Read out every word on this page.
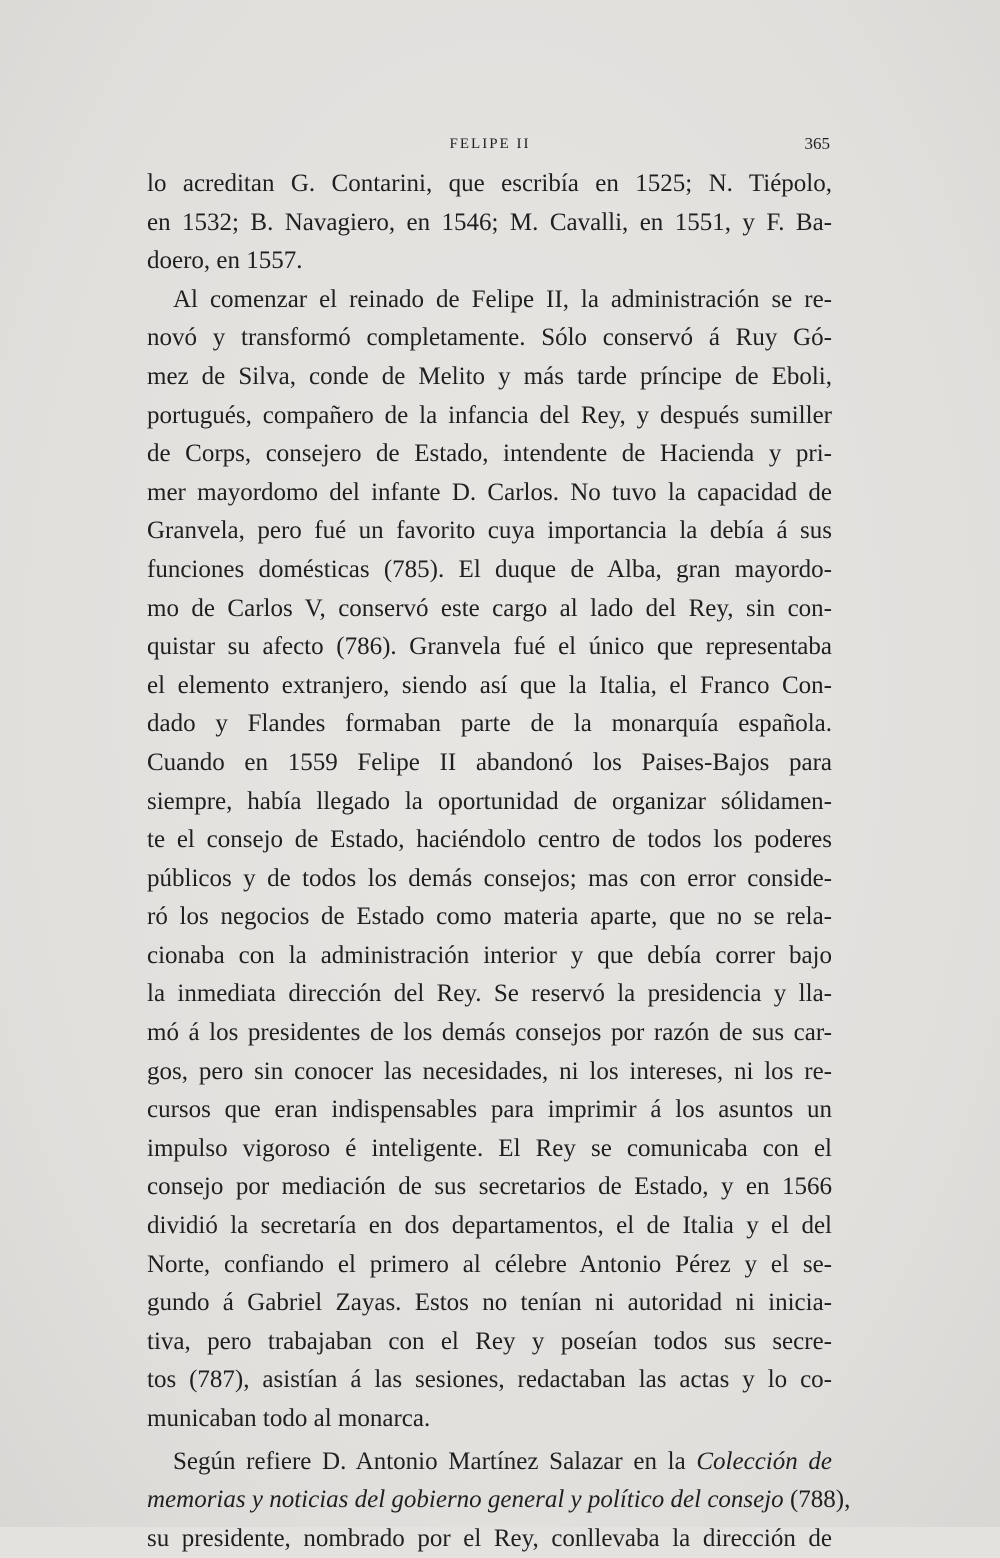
FELIPE II	365
lo acreditan G. Contarini, que escribía en 1525; N. Tiépolo,
en 1532; B. Navagiero, en 1546; M. Cavalli, en 1551, y F. Ba-
doero, en 1557.
Al comenzar el reinado de Felipe II, la administración se re-
novó y transformó completamente. Sólo conservó á Ruy Gó-
mez de Silva, conde de Melito y más tarde príncipe de Eboli,
portugués, compañero de la infancia del Rey, y después sumiller
de Corps, consejero de Estado, intendente de Hacienda y pri-
mer mayordomo del infante D. Carlos. No tuvo la capacidad de
Granvela, pero fué un favorito cuya importancia la debía á sus
funciones domésticas (785). El duque de Alba, gran mayordo-
mo de Carlos V, conservó este cargo al lado del Rey, sin con-
quistar su afecto (786). Granvela fué el único que representaba
el elemento extranjero, siendo así que la Italia, el Franco Con-
dado y Flandes formaban parte de la monarquía española.
Cuando en 1559 Felipe II abandonó los Paises-Bajos para
siempre, había llegado la oportunidad de organizar sólidamen-
te el consejo de Estado, haciéndolo centro de todos los poderes
públicos y de todos los demás consejos; mas con error conside-
ró los negocios de Estado como materia aparte, que no se rela-
cionaba con la administración interior y que debía correr bajo
la inmediata dirección del Rey. Se reservó la presidencia y lla-
mó á los presidentes de los demás consejos por razón de sus car-
gos, pero sin conocer las necesidades, ni los intereses, ni los re-
cursos que eran indispensables para imprimir á los asuntos un
impulso vigoroso é inteligente. El Rey se comunicaba con el
consejo por mediación de sus secretarios de Estado, y en 1566
dividió la secretaría en dos departamentos, el de Italia y el del
Norte, confiando el primero al célebre Antonio Pérez y el se-
gundo á Gabriel Zayas. Estos no tenían ni autoridad ni inicia-
tiva, pero trabajaban con el Rey y poseían todos sus secre-
tos (787), asistían á las sesiones, redactaban las actas y lo co-
municaban todo al monarca.
Según refiere D. Antonio Martínez Salazar en la Colección de
memorias y noticias del gobierno general y político del consejo (788),
su presidente, nombrado por el Rey, conllevaba la dirección de
